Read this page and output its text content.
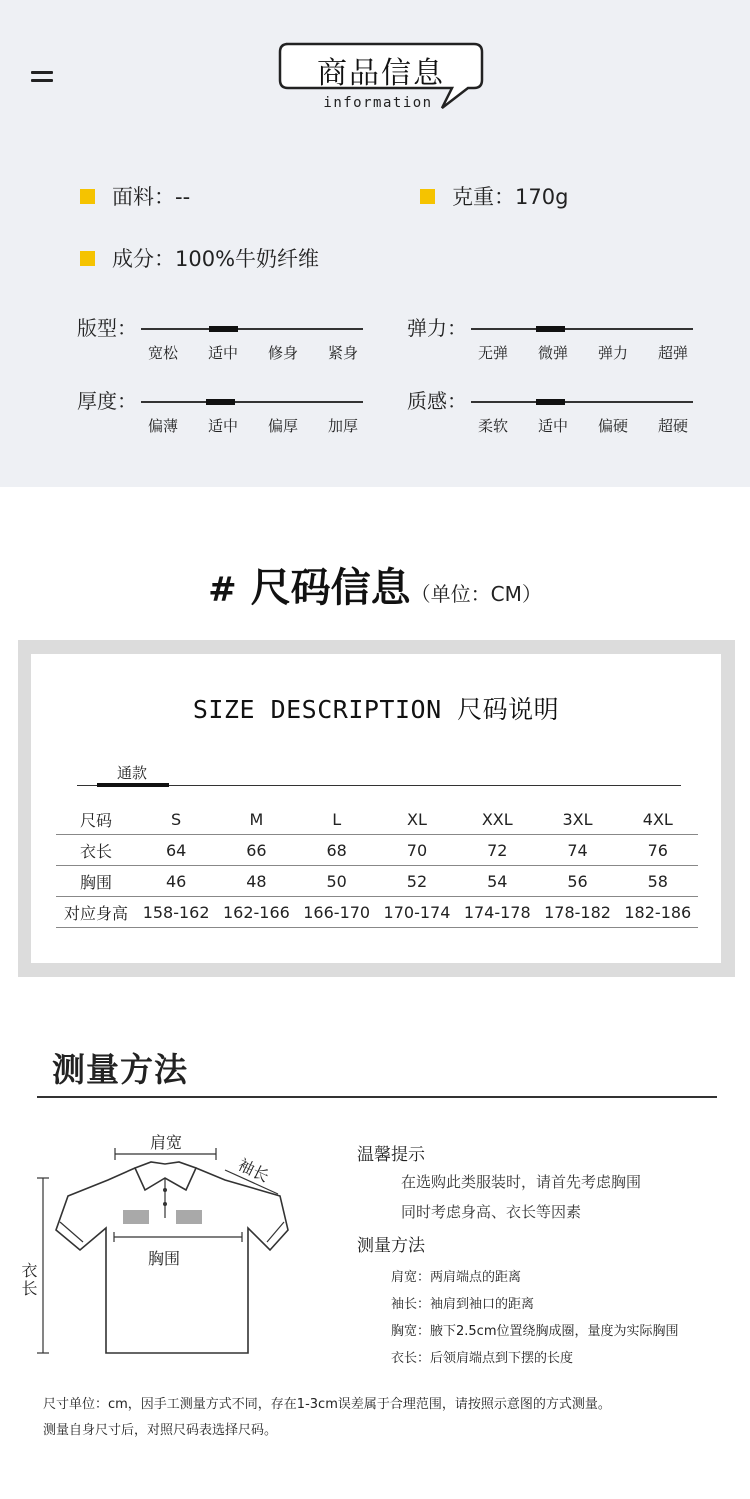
商品信息
information
面料：--	克重：170g
成分：100%牛奶纤维
版型：
宽松	适中	修身	紧身
弹力：
无弹	微弹	弹力	超弹
厚度：
偏薄	适中	偏厚	加厚
质感：
柔软	适中	偏硬	超硬
# 尺码信息（单位：CM）
SIZE DESCRIPTION 尺码说明
通款
尺码	S	M	L	XL	XXL	3XL	4XL
衣长	64	66	68	70	72	74	76
胸围	46	48	50	52	54	56	58
对应身高 158-162 162-166 166-170 170-174 174-178 178-182 182-186
测量方法
肩宽
袖长
胸围
衣长
温馨提示
在选购此类服装时，请首先考虑胸围
同时考虑身高、衣长等因素
测量方法
肩宽：两肩端点的距离
袖长：袖肩到袖口的距离
胸宽：腋下2.5cm位置绕胸成圈，量度为实际胸围
衣长：后领肩端点到下摆的长度
尺寸单位：cm，因手工测量方式不同，存在1-3cm误差属于合理范围，请按照示意图的方式测量。
测量自身尺寸后，对照尺码表选择尺码。
